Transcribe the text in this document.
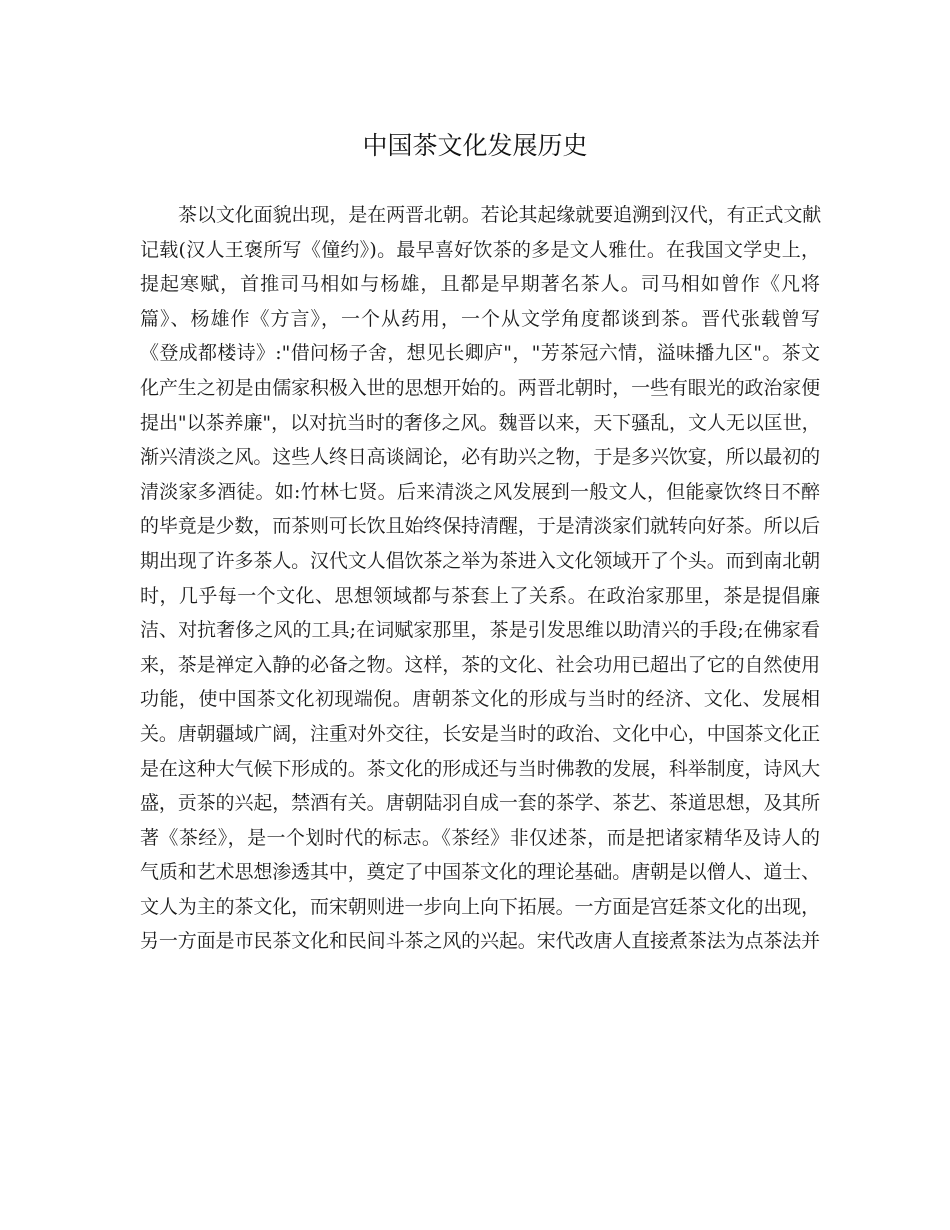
中国茶文化发展历史
茶以文化面貌出现，是在两晋北朝。若论其起缘就要追溯到汉代，有正式文献
记载(汉人王褒所写《僮约》)。最早喜好饮茶的多是文人雅仕。在我国文学史上，
提起寒赋，首推司马相如与杨雄，且都是早期著名茶人。司马相如曾作《凡将
篇》、杨雄作《方言》，一个从药用，一个从文学角度都谈到茶。晋代张载曾写
《登成都楼诗》:"借问杨子舍，想见长卿庐"，"芳茶冠六情，溢味播九区"。茶文
化产生之初是由儒家积极入世的思想开始的。两晋北朝时，一些有眼光的政治家便
提出"以茶养廉"，以对抗当时的奢侈之风。魏晋以来，天下骚乱，文人无以匡世，
渐兴清淡之风。这些人终日高谈阔论，必有助兴之物，于是多兴饮宴，所以最初的
清淡家多酒徒。如:竹林七贤。后来清淡之风发展到一般文人，但能豪饮终日不醉
的毕竟是少数，而茶则可长饮且始终保持清醒，于是清淡家们就转向好茶。所以后
期出现了许多茶人。汉代文人倡饮茶之举为茶进入文化领域开了个头。而到南北朝
时，几乎每一个文化、思想领域都与茶套上了关系。在政治家那里，茶是提倡廉
洁、对抗奢侈之风的工具;在词赋家那里，茶是引发思维以助清兴的手段;在佛家看
来，茶是禅定入静的必备之物。这样，茶的文化、社会功用已超出了它的自然使用
功能，使中国茶文化初现端倪。唐朝茶文化的形成与当时的经济、文化、发展相
关。唐朝疆域广阔，注重对外交往，长安是当时的政治、文化中心，中国茶文化正
是在这种大气候下形成的。茶文化的形成还与当时佛教的发展，科举制度，诗风大
盛，贡茶的兴起，禁酒有关。唐朝陆羽自成一套的茶学、茶艺、茶道思想，及其所
著《茶经》，是一个划时代的标志。《茶经》非仅述茶，而是把诸家精华及诗人的
气质和艺术思想渗透其中，奠定了中国茶文化的理论基础。唐朝是以僧人、道士、
文人为主的茶文化，而宋朝则进一步向上向下拓展。一方面是宫廷茶文化的出现，
另一方面是市民茶文化和民间斗茶之风的兴起。宋代改唐人直接煮茶法为点茶法并
